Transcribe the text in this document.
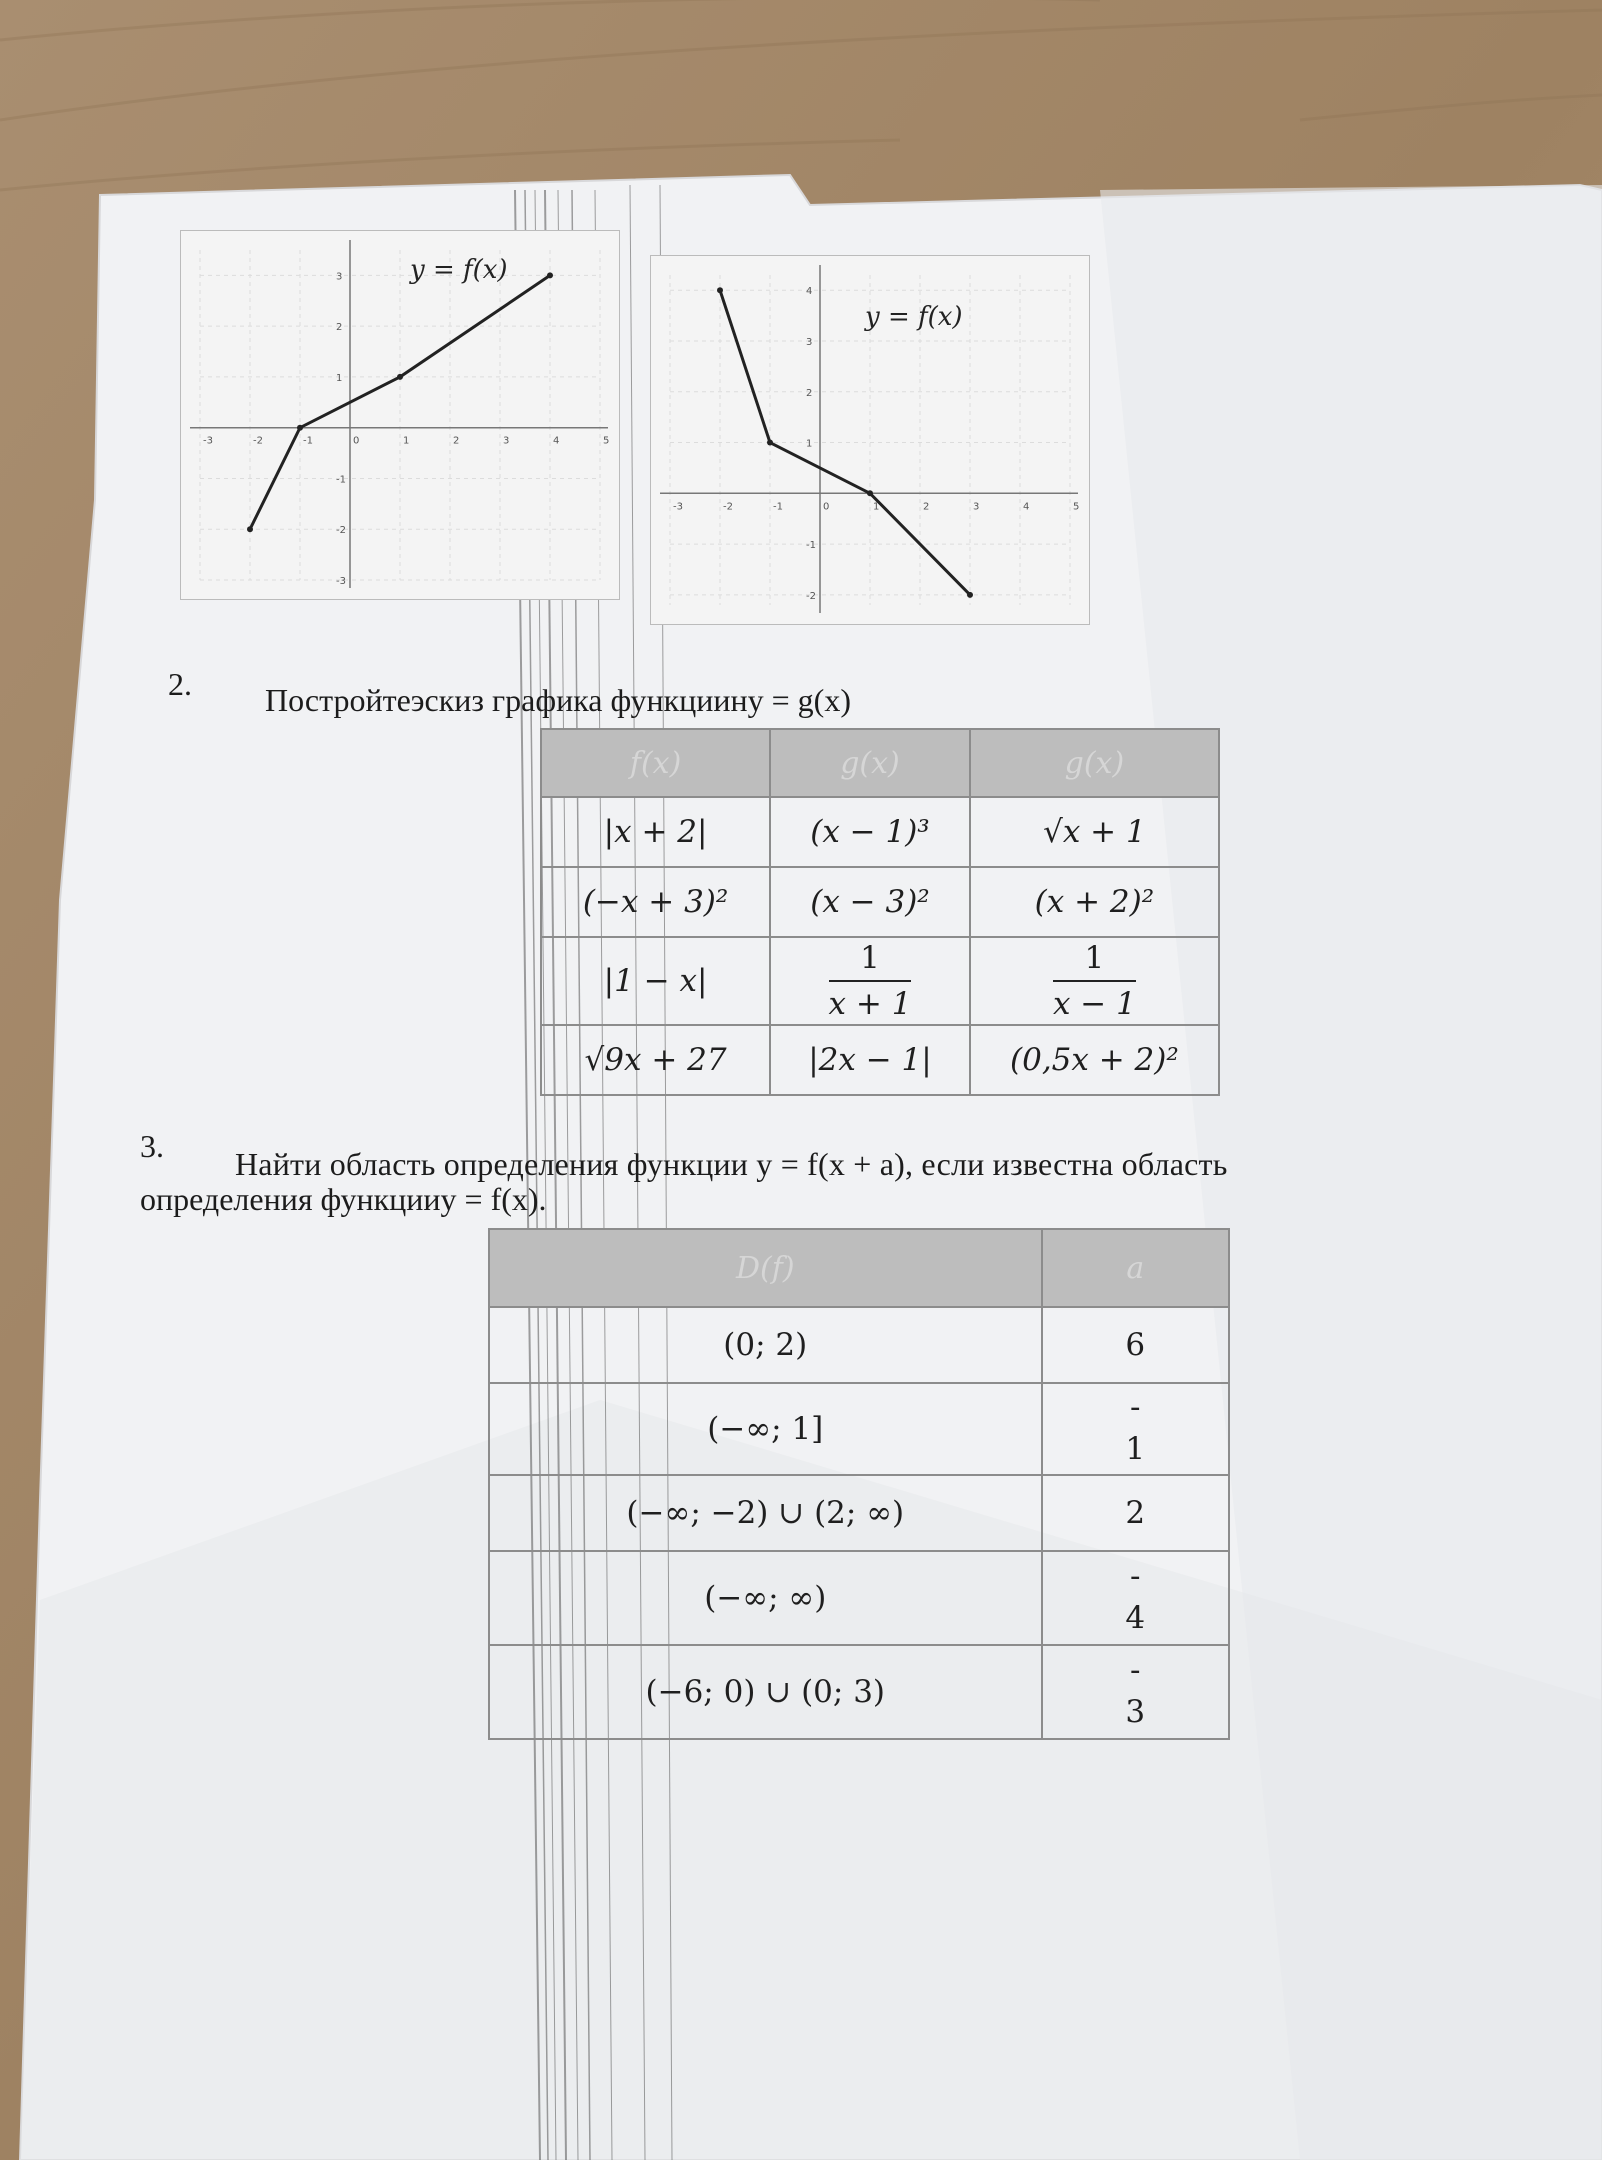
-3	-2	-1	0	1	2	3	4	5
3
2
1
-1
-2
-3
y = f(x)
-3	-2	-1	0	1	2	3	4	5
4
3
2
1
-1
-2
y = f(x)
2. Постройтеэскиз графика функциину = g(x)
f(x)	g(x)	g(x)
|x + 2|	(x − 1)³	√x + 1
(−x + 3)²	(x − 3)²	(x + 2)²
|1 − x|	$\frac{1}{x + 1}$	$\frac{1}{x - 1}$

√9x + 27	|2x − 1|	(0,5x + 2)²
3. Найти область определения функции y = f(x + a), если известна область
определения функцииу = f(x).
D(f)	a
(0; 2)	6
(−∞; 1]	-
1
(−∞; −2) ∪ (2; ∞)	2
(−∞; ∞)	-
4
(−6; 0) ∪ (0; 3)	-
3
